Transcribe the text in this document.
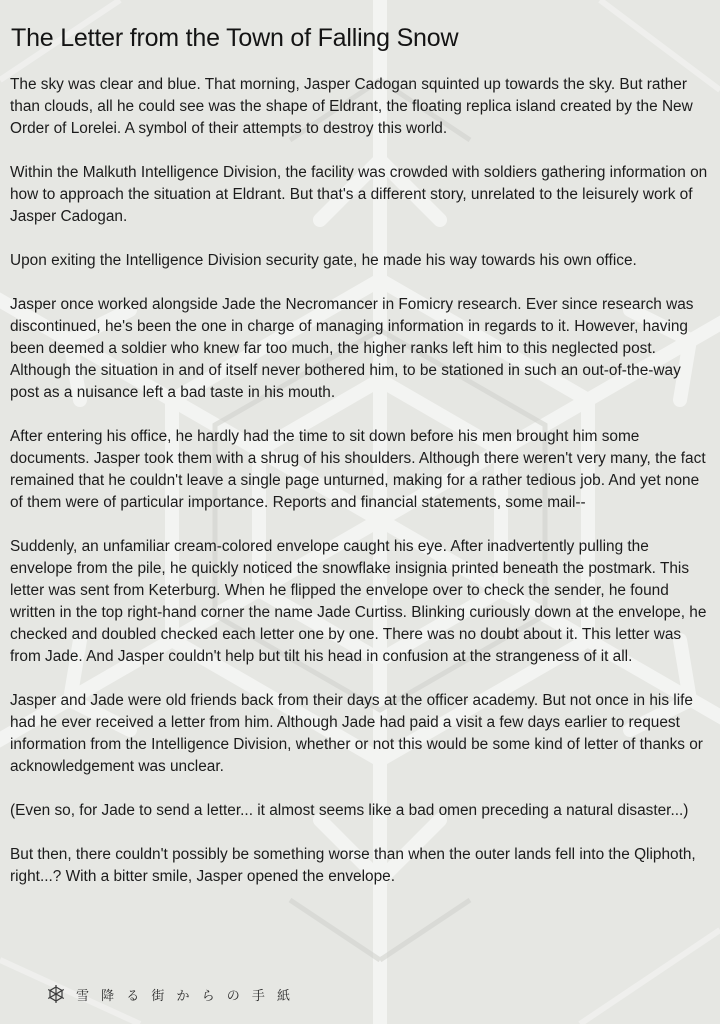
The Letter from the Town of Falling Snow

The sky was clear and blue. That morning, Jasper Cadogan squinted up towards the sky. But rather than clouds, all he could see was the shape of Eldrant, the floating replica island created by the New Order of Lorelei. A symbol of their attempts to destroy this world.

Within the Malkuth Intelligence Division, the facility was crowded with soldiers gathering information on how to approach the situation at Eldrant. But that's a different story, unrelated to the leisurely work of Jasper Cadogan.

Upon exiting the Intelligence Division security gate, he made his way towards his own office.

Jasper once worked alongside Jade the Necromancer in Fomicry research. Ever since research was discontinued, he's been the one in charge of managing information in regards to it. However, having been deemed a soldier who knew far too much, the higher ranks left him to this neglected post. Although the situation in and of itself never bothered him, to be stationed in such an out-of-the-way post as a nuisance left a bad taste in his mouth.

After entering his office, he hardly had the time to sit down before his men brought him some documents. Jasper took them with a shrug of his shoulders. Although there weren't very many, the fact remained that he couldn't leave a single page unturned, making for a rather tedious job. And yet none of them were of particular importance. Reports and financial statements, some mail--

Suddenly, an unfamiliar cream-colored envelope caught his eye. After inadvertently pulling the envelope from the pile, he quickly noticed the snowflake insignia printed beneath the postmark. This letter was sent from Keterburg. When he flipped the envelope over to check the sender, he found written in the top right-hand corner the name Jade Curtiss. Blinking curiously down at the envelope, he checked and doubled checked each letter one by one. There was no doubt about it. This letter was from Jade. And Jasper couldn't help but tilt his head in confusion at the strangeness of it all.

Jasper and Jade were old friends back from their days at the officer academy. But not once in his life had he ever received a letter from him. Although Jade had paid a visit a few days earlier to request information from the Intelligence Division, whether or not this would be some kind of letter of thanks or acknowledgement was unclear.

(Even so, for Jade to send a letter... it almost seems like a bad omen preceding a natural disaster...)

But then, there couldn't possibly be something worse than when the outer lands fell into the Qliphoth, right...? With a bitter smile, Jasper opened the envelope.

雪 降 る 街 か ら の 手 紙
